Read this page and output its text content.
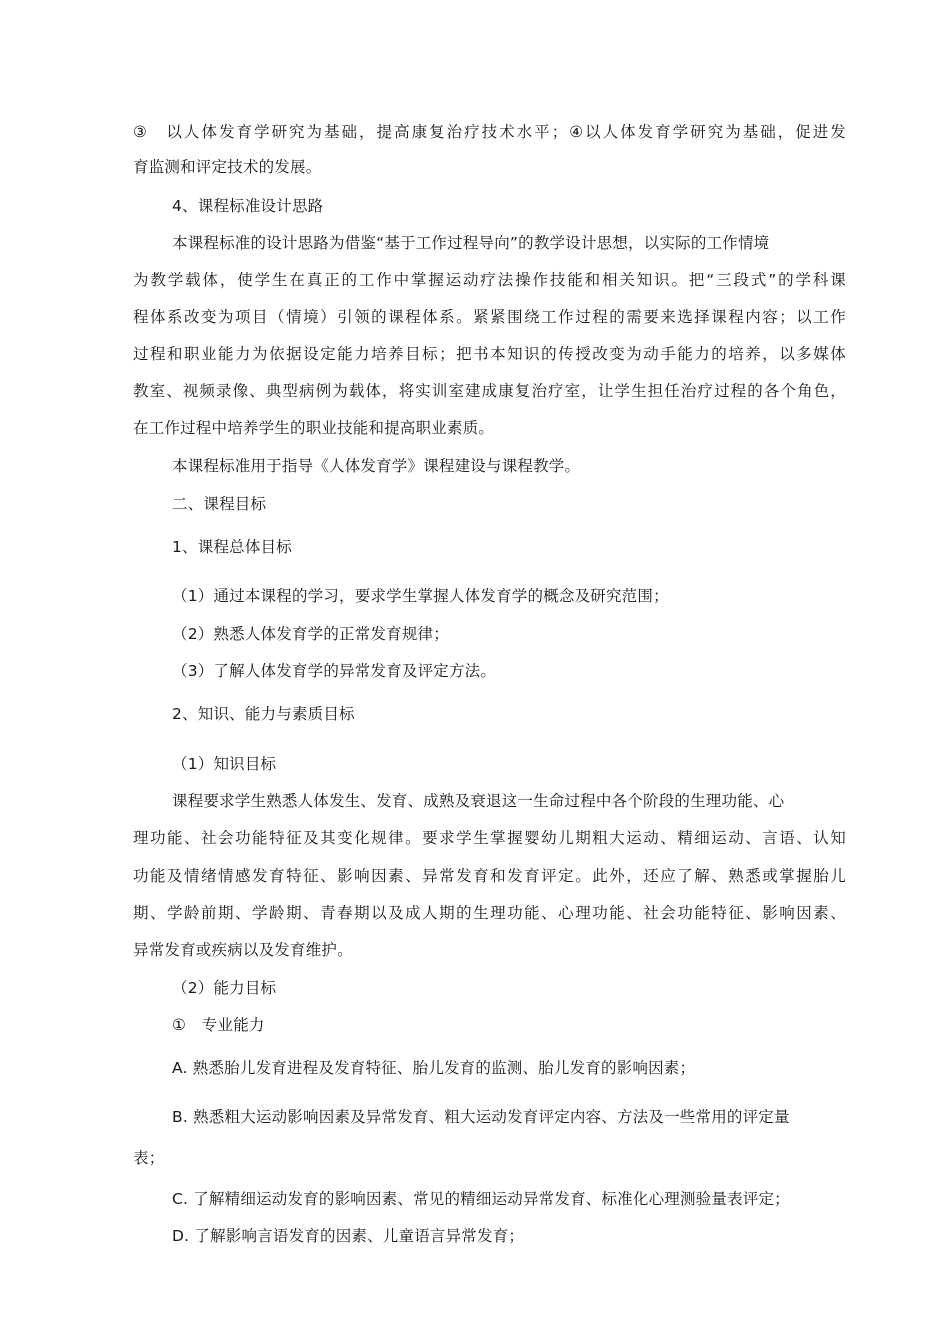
③　以人体发育学研究为基础，提高康复治疗技术水平；④以人体发育学研究为基础，促进发
育监测和评定技术的发展。
4、课程标准设计思路
本课程标准的设计思路为借鉴“基于工作过程导向”的教学设计思想，以实际的工作情境
为教学载体，使学生在真正的工作中掌握运动疗法操作技能和相关知识。把“三段式”的学科课
程体系改变为项目（情境）引领的课程体系。紧紧围绕工作过程的需要来选择课程内容；以工作
过程和职业能力为依据设定能力培养目标；把书本知识的传授改变为动手能力的培养，以多媒体
教室、视频录像、典型病例为载体，将实训室建成康复治疗室，让学生担任治疗过程的各个角色，
在工作过程中培养学生的职业技能和提高职业素质。
本课程标准用于指导《人体发育学》课程建设与课程教学。
二、课程目标
1、课程总体目标
（1）通过本课程的学习，要求学生掌握人体发育学的概念及研究范围；
（2）熟悉人体发育学的正常发育规律；
（3）了解人体发育学的异常发育及评定方法。
2、知识、能力与素质目标
（1）知识目标
课程要求学生熟悉人体发生、发育、成熟及衰退这一生命过程中各个阶段的生理功能、心
理功能、社会功能特征及其变化规律。要求学生掌握婴幼儿期粗大运动、精细运动、言语、认知
功能及情绪情感发育特征、影响因素、异常发育和发育评定。此外，还应了解、熟悉或掌握胎儿
期、学龄前期、学龄期、青春期以及成人期的生理功能、心理功能、社会功能特征、影响因素、
异常发育或疾病以及发育维护。
（2）能力目标
①　专业能力
A. 熟悉胎儿发育进程及发育特征、胎儿发育的监测、胎儿发育的影响因素；
B. 熟悉粗大运动影响因素及异常发育、粗大运动发育评定内容、方法及一些常用的评定量
表；
C. 了解精细运动发育的影响因素、常见的精细运动异常发育、标准化心理测验量表评定；
D. 了解影响言语发育的因素、儿童语言异常发育；
